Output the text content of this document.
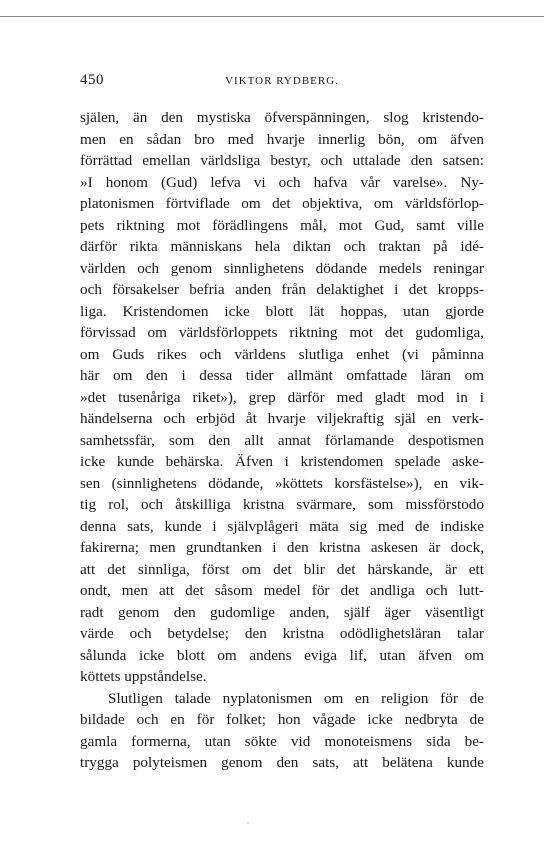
450	VIKTOR RYDBERG.
själen, än den mystiska öfverspänningen, slog kristendo-
men en sådan bro med hvarje innerlig bön, om äfven
förrättad emellan världsliga bestyr, och uttalade den satsen:
»I honom (Gud) lefva vi och hafva vår varelse». Ny-
platonismen förtviflade om det objektiva, om världsförlop-
pets riktning mot förädlingens mål, mot Gud, samt ville
därför rikta människans hela diktan och traktan på idé-
världen och genom sinnlighetens dödande medels reningar
och försakelser befria anden från delaktighet i det kropps-
liga. Kristendomen icke blott lät hoppas, utan gjorde
förvissad om världsförloppets riktning mot det gudomliga,
om Guds rikes och världens slutliga enhet (vi påminna
här om den i dessa tider allmänt omfattade läran om
»det tusenåriga riket»), grep därför med gladt mod in i
händelserna och erbjöd åt hvarje viljekraftig själ en verk-
samhetssfär, som den allt annat förlamande despotismen
icke kunde behärska. Äfven i kristendomen spelade aske-
sen (sinnlighetens dödande, »köttets korsfästelse»), en vik-
tig rol, och åtskilliga kristna svärmare, som missförstodo
denna sats, kunde i självplågeri mäta sig med de indiske
fakirerna; men grundtanken i den kristna askesen är dock,
att det sinnliga, först om det blir det härskande, är ett
ondt, men att det såsom medel för det andliga och lutt-
radt genom den gudomlige anden, själf äger väsentligt
värde och betydelse; den kristna odödlighetsläran talar
sålunda icke blott om andens eviga lif, utan äfven om
köttets uppståndelse.
Slutligen talade nyplatonismen om en religion för de
bildade och en för folket; hon vågade icke nedbryta de
gamla formerna, utan sökte vid monoteismens sida be-
trygga polyteismen genom den sats, att belätena kunde
